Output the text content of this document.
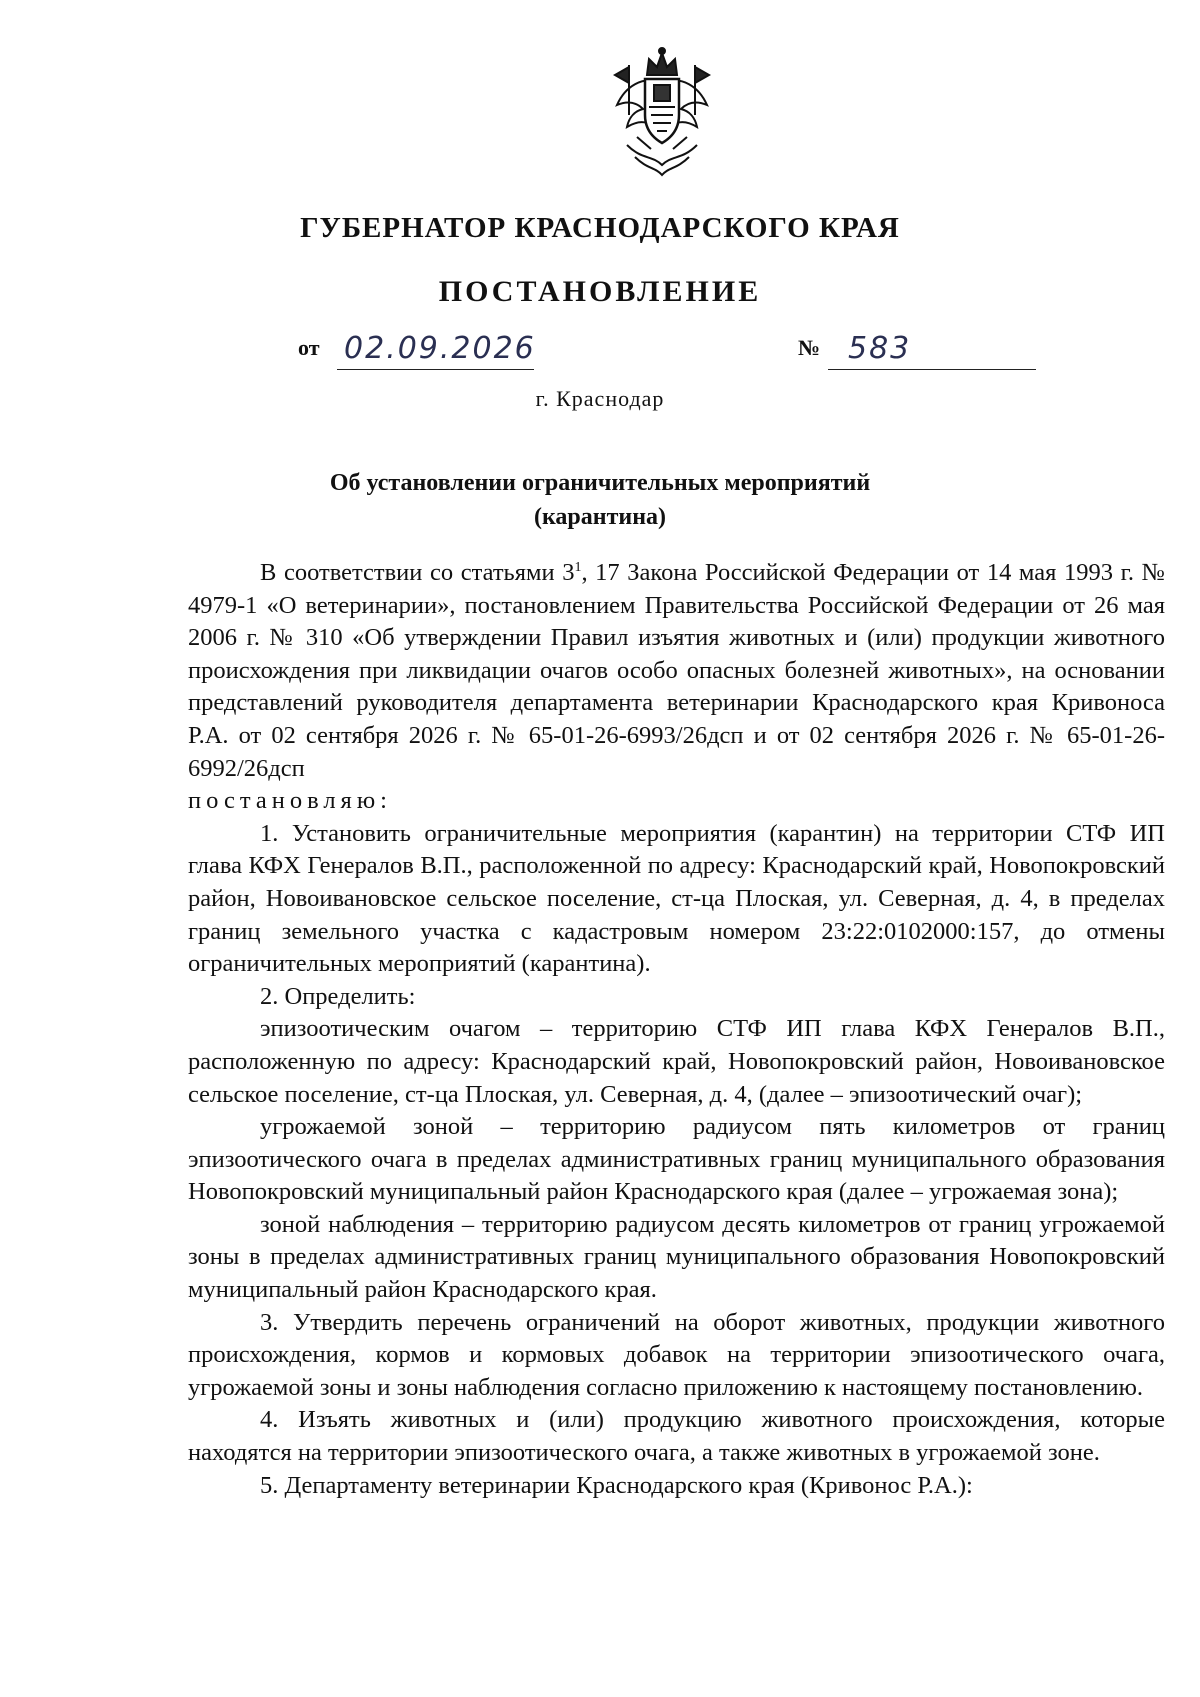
ГУБЕРНАТОР КРАСНОДАРСКОГО КРАЯ
ПОСТАНОВЛЕНИЕ
от 02.09.2026	№ 583
г. Краснодар
Об установлении ограничительных мероприятий
(карантина)

В соответствии со статьями $3^1$, 17 Закона Российской Федерации от 14 мая 1993 г. № 4979-1 «О ветеринарии», постановлением Правительства Российской Федерации от 26 мая 2006 г. № 310 «Об утверждении Правил изъятия животных и (или) продукции животного происхождения при ликвидации очагов особо опасных болезней животных», на основании представлений руководителя департамента ветеринарии Краснодарского края Кривоноса Р.А. от 02 сентября 2026 г. № 65-01-26-6993/26дсп и от 02 сентября 2026 г. № 65-01-26-6992/26дсп

постановляю:

1. Установить ограничительные мероприятия (карантин) на территории СТФ ИП глава КФХ Генералов В.П., расположенной по адресу: Краснодарский край, Новопокровский район, Новоивановское сельское поселение, ст-ца Плоская, ул. Северная, д. 4, в пределах границ земельного участка с кадастровым номером 23:22:0102000:157, до отмены ограничительных мероприятий (карантина).

2. Определить:

эпизоотическим очагом – территорию СТФ ИП глава КФХ Генералов В.П., расположенную по адресу: Краснодарский край, Новопокровский район, Новоивановское сельское поселение, ст-ца Плоская, ул. Северная, д. 4, (далее – эпизоотический очаг);

угрожаемой зоной – территорию радиусом пять километров от границ эпизоотического очага в пределах административных границ муниципального образования Новопокровский муниципальный район Краснодарского края (далее – угрожаемая зона);

зоной наблюдения – территорию радиусом десять километров от границ угрожаемой зоны в пределах административных границ муниципального образования Новопокровский муниципальный район Краснодарского края.

3. Утвердить перечень ограничений на оборот животных, продукции животного происхождения, кормов и кормовых добавок на территории эпизоотического очага, угрожаемой зоны и зоны наблюдения согласно приложению к настоящему постановлению.

4. Изъять животных и (или) продукцию животного происхождения, которые находятся на территории эпизоотического очага, а также животных в угрожаемой зоне.

5. Департаменту ветеринарии Краснодарского края (Кривонос Р.А.):
